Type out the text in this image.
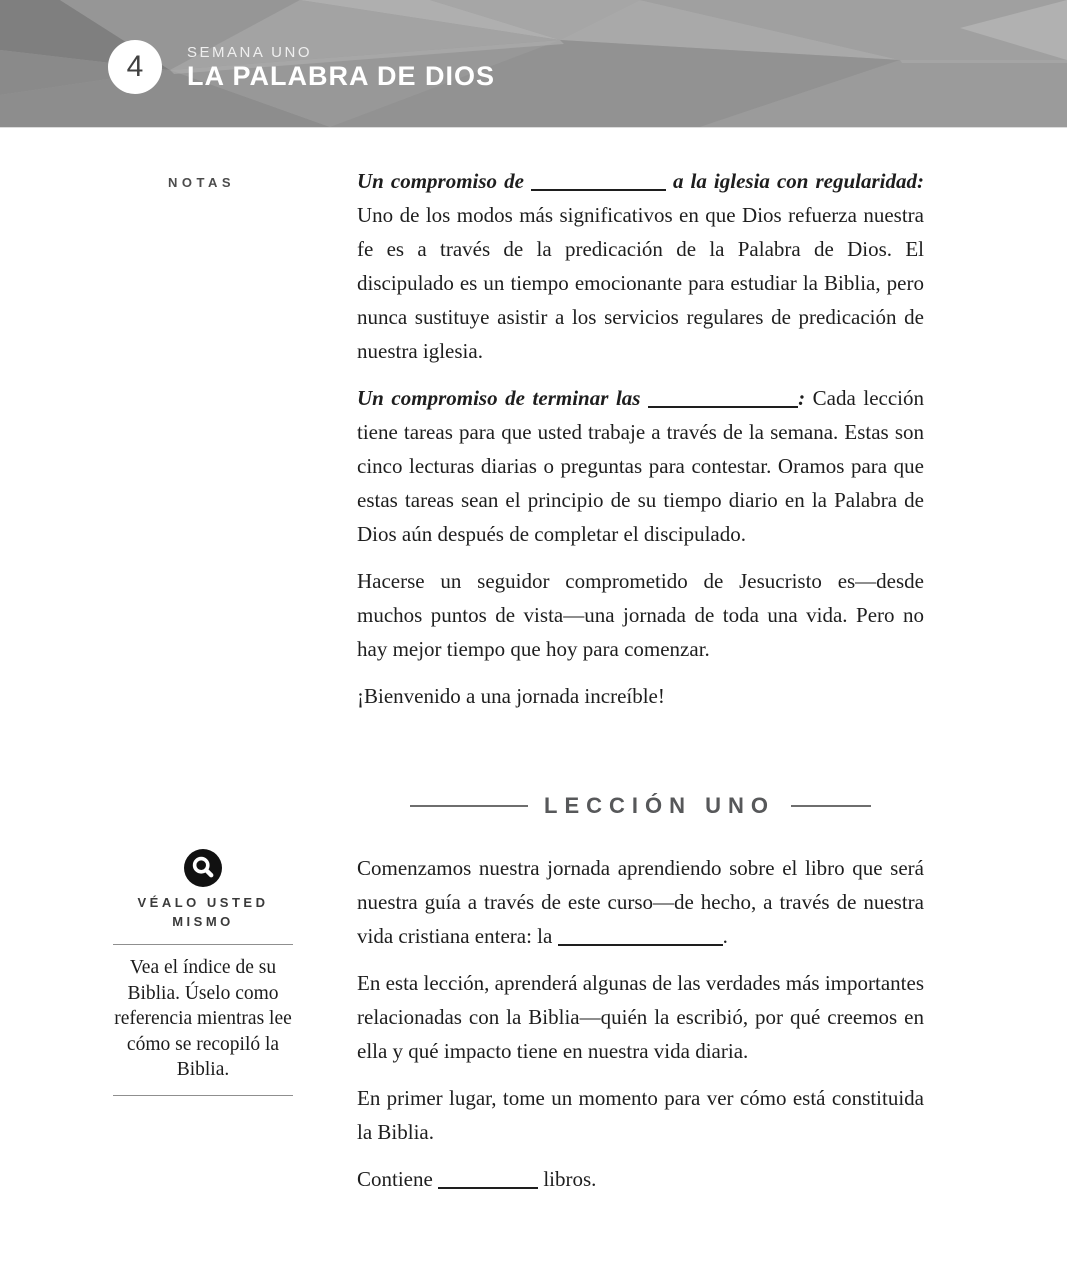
4	SEMANA UNO
LA PALABRA DE DIOS
NOTAS
VÉALO USTED
MISMO
Vea el índice de su Biblia. Úselo como referencia mientras lee cómo se recopiló la Biblia.

Un compromiso de	a la iglesia con regularidad: Uno de los modos más significativos en que Dios refuerza nuestra fe es a través de la predicación de la Palabra de Dios. El discipulado es un tiempo emocionante para estudiar la Biblia, pero nunca sustituye asistir a los servicios regulares de predicación de nuestra iglesia.

Un compromiso de terminar las	: Cada lección tiene tareas para que usted trabaje a través de la semana. Estas son cinco lecturas diarias o preguntas para contestar. Oramos para que estas tareas sean el principio de su tiempo diario en la Palabra de Dios aún después de completar el discipulado.

Hacerse un seguidor comprometido de Jesucristo es—desde muchos puntos de vista—una jornada de toda una vida. Pero no hay mejor tiempo que hoy para comenzar.

¡Bienvenido a una jornada increíble!

LECCIÓN UNO

Comenzamos nuestra jornada aprendiendo sobre el libro que será nuestra guía a través de este curso—de hecho, a través de nuestra vida cristiana entera: la	.

En esta lección, aprenderá algunas de las verdades más importantes relacionadas con la Biblia—quién la escribió, por qué creemos en ella y qué impacto tiene en nuestra vida diaria.

En primer lugar, tome un momento para ver cómo está constituida la Biblia.

Contiene	libros.
